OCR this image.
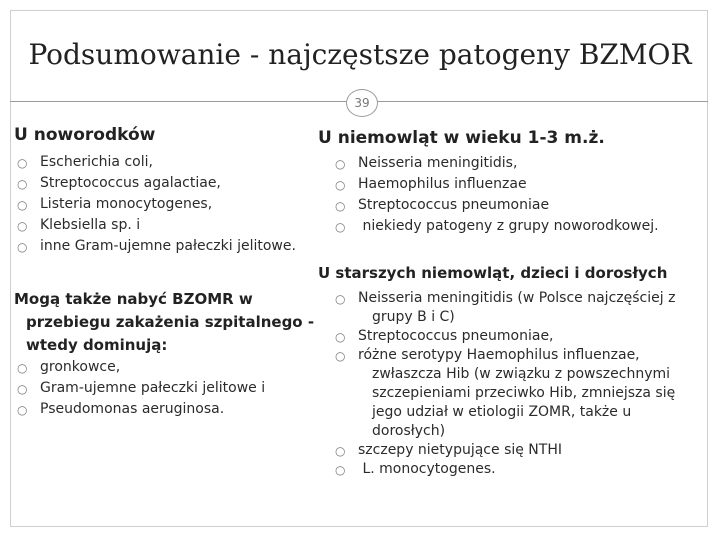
Podsumowanie - najczęstsze patogeny BZMOR
39
U noworodków
○ Escherichia coli,
○ Streptococcus agalactiae,
○ Listeria monocytogenes,
○ Klebsiella sp. i
○ inne Gram-ujemne pałeczki jelitowe.
Mogą także nabyć BZOMR w
przebiegu zakażenia szpitalnego -
wtedy dominują:
○ gronkowce,
○ Gram-ujemne pałeczki jelitowe i
○ Pseudomonas aeruginosa.
U niemowląt w wieku 1-3 m.ż.
○ Neisseria meningitidis,
○ Haemophilus influenzae
○ Streptococcus pneumoniae
○ niekiedy patogeny z grupy noworodkowej.
U starszych niemowląt, dzieci i dorosłych
○ Neisseria meningitidis (w Polsce najczęściej z
grupy B i C)
○ Streptococcus pneumoniae,
○ różne serotypy Haemophilus influenzae,
zwłaszcza Hib (w związku z powszechnymi
szczepieniami przeciwko Hib, zmniejsza się
jego udział w etiologii ZOMR, także u
dorosłych)
○ szczepy nietypujące się NTHI
○ L. monocytogenes.
